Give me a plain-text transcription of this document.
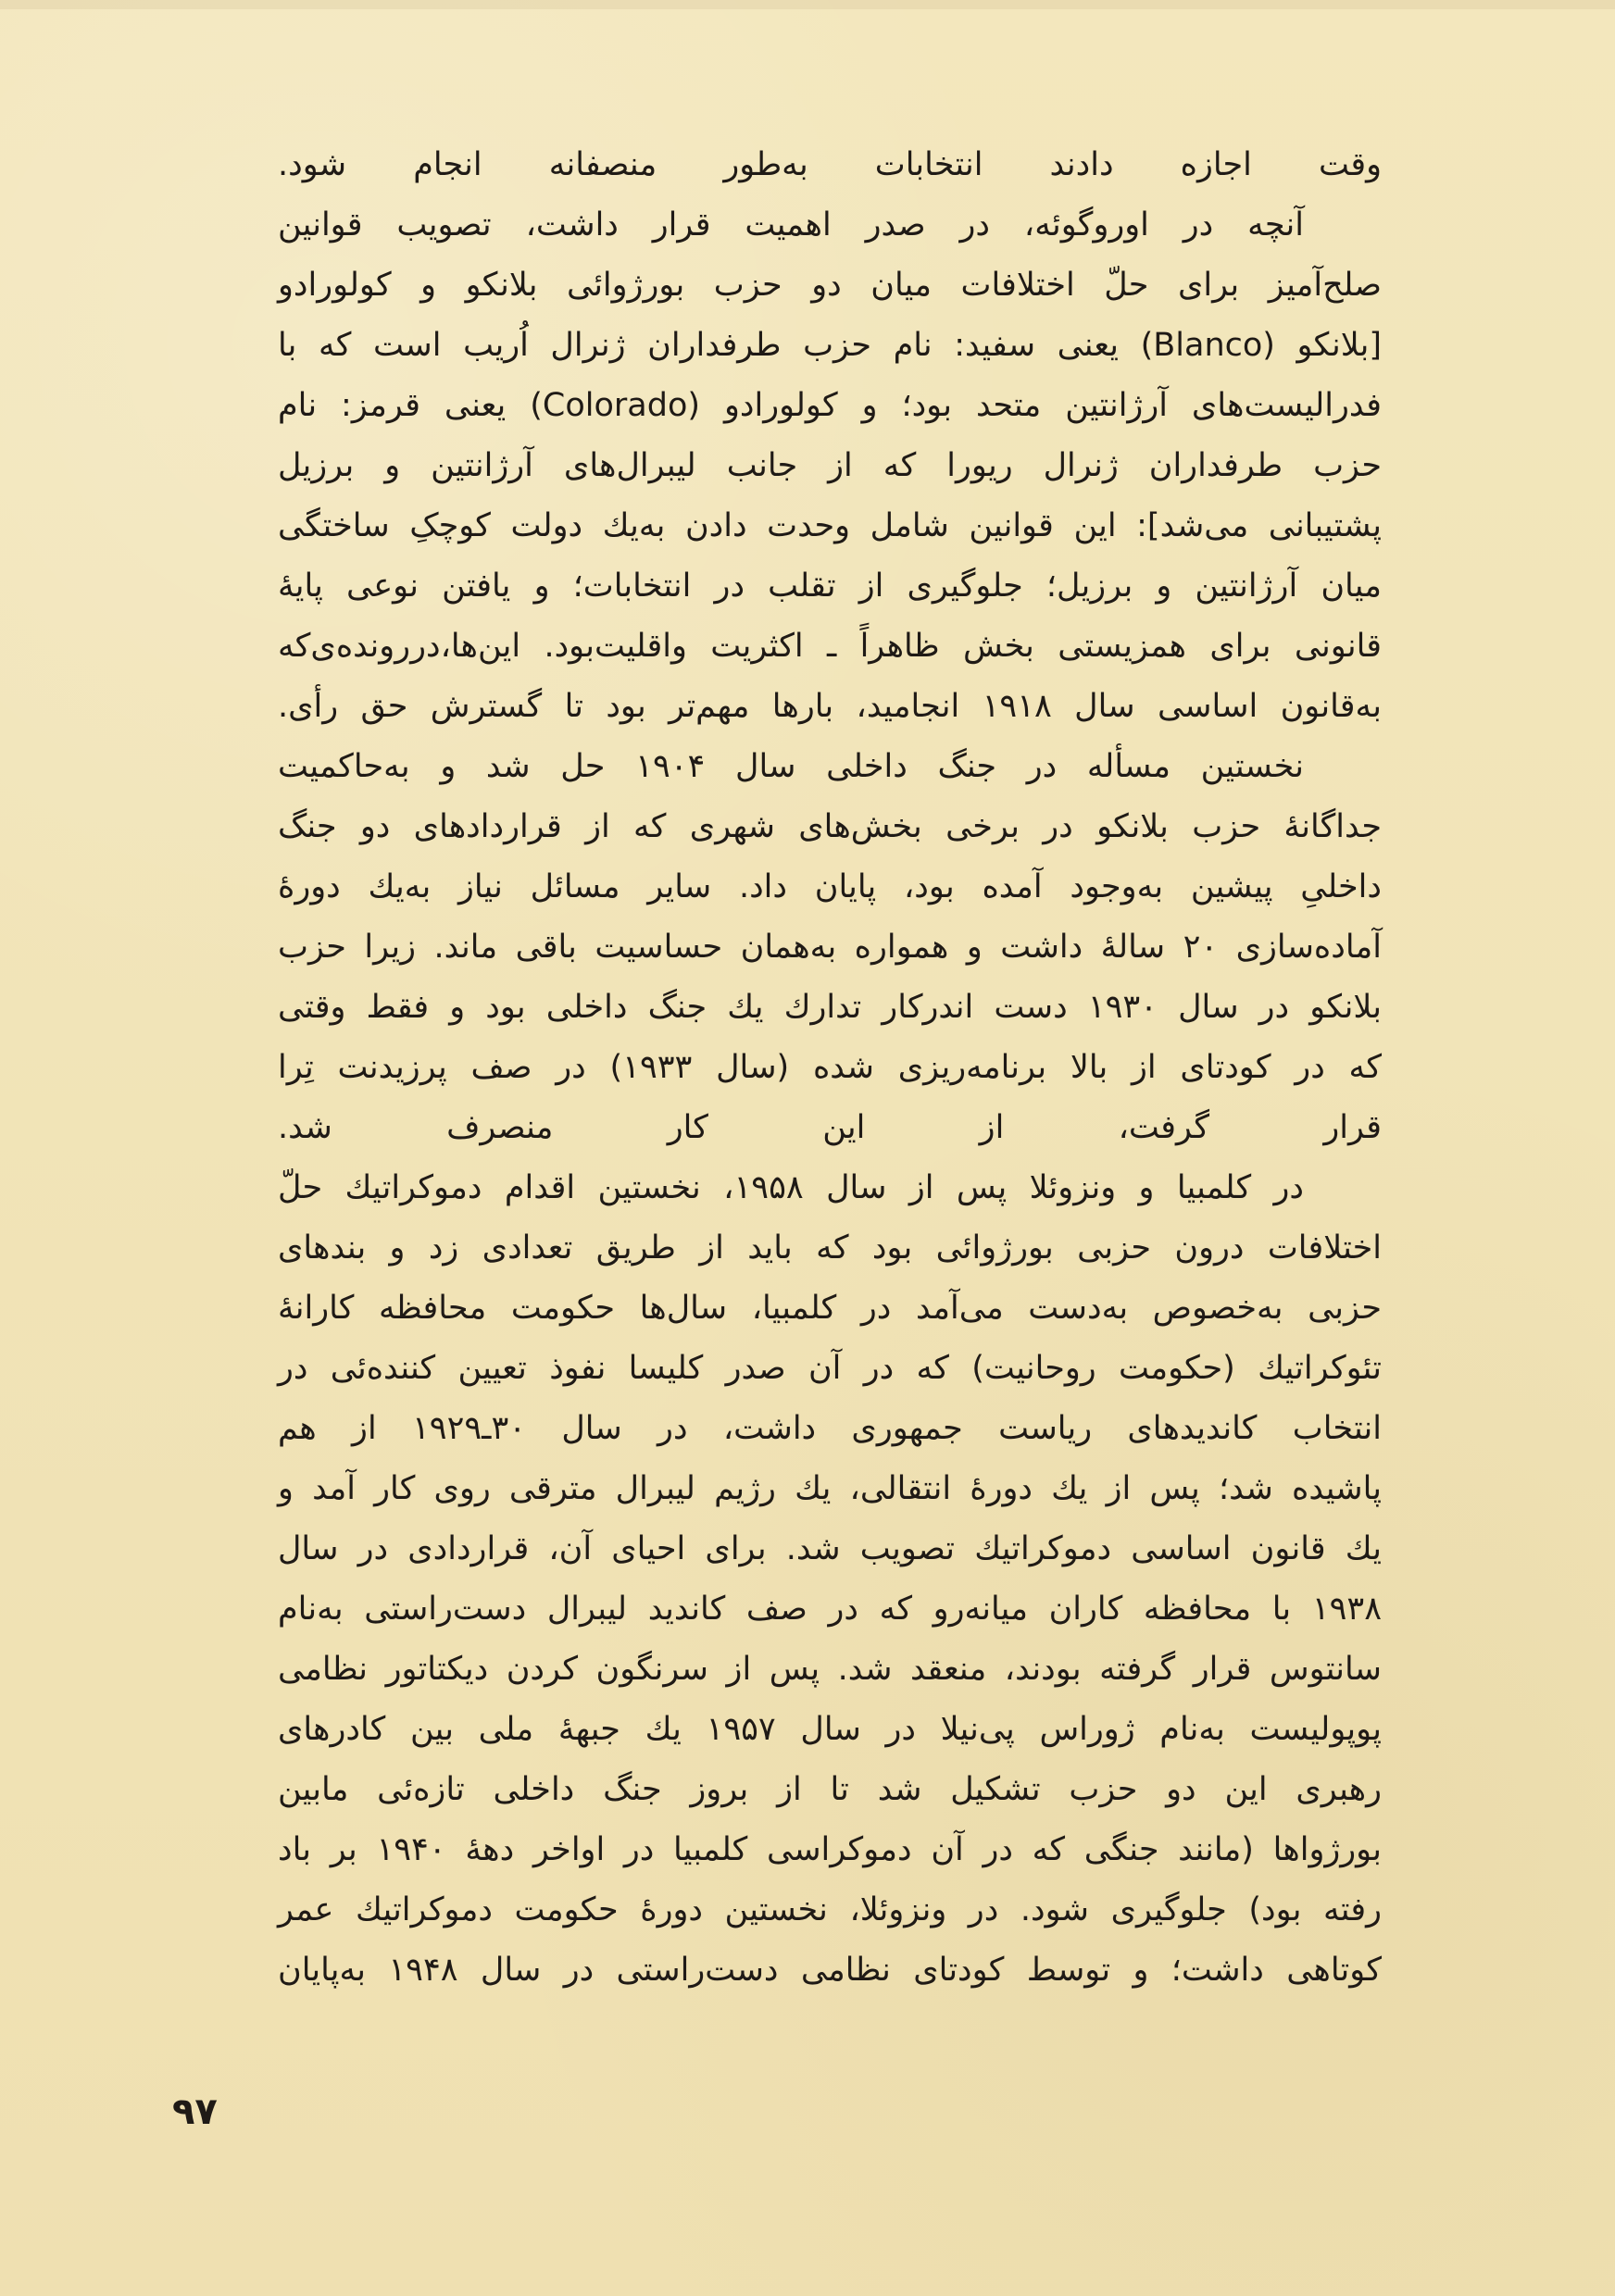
وقت اجازه دادند انتخابات به‌طور منصفانه انجام شود.
آنچه در اوروگوئه، در صدر اهمیت قرار داشت، تصویب قوانین
صلح‌آمیز برای حلّ اختلافات میان دو حزب بورژوائی بلانکو و کولورادو
[بلانکو (Blanco) یعنی سفید: نام حزب طرفداران ژنرال اُریب است که با
فدرالیست‌های آرژانتین متحد بود؛ و کولورادو (Colorado) یعنی قرمز: نام
حزب طرفداران ژنرال ریورا که از جانب لیبرال‌های آرژانتین و برزیل
پشتیبانی می‌شد]: این قوانین شامل وحدت دادن به‌یك دولت کوچکِ ساختگی
میان آرژانتین و برزیل؛ جلوگیری از تقلب در انتخابات؛ و یافتن نوعی پایهٔ
قانونی برای همزیستی بخش ظاهراً ـ اکثریت واقلیت‌بود. این‌ها،دررونده‌ی‌که
به‌قانون اساسی سال ۱۹۱۸ انجامید، بارها مهم‌تر بود تا گسترش حق رأی.
نخستین مسأله در جنگ داخلی سال ۱۹۰۴ حل شد و به‌حاکمیت
جداگانهٔ حزب بلانکو در برخی بخش‌های شهری که از قراردادهای دو جنگ
داخلیِ پیشین به‌وجود آمده بود، پایان داد. سایر مسائل نیاز به‌یك دورهٔ
آماده‌سازی ۲۰ سالهٔ داشت و همواره به‌همان حساسیت باقی ماند. زیرا حزب
بلانکو در سال ۱۹۳۰ دست اندرکار تدارك یك جنگ داخلی بود و فقط وقتی
که در کودتای از بالا برنامه‌ریزی شده (سال ۱۹۳۳) در صف پرزیدنت تِرا
قرار گرفت، از این کار منصرف شد.
در کلمبیا و ونزوئلا پس از سال ۱۹۵۸، نخستین اقدام دموکراتیك حلّ
اختلافات درون حزبی بورژوائی بود که باید از طریق تعدادی زد و بندهای
حزبی به‌خصوص به‌دست می‌آمد در کلمبیا، سال‌ها حکومت محافظه کارانهٔ
تئوکراتیك (حکومت روحانیت) که در آن صدر کلیسا نفوذ تعیین کننده‌ئی در
انتخاب کاندیدهای ریاست جمهوری داشت، در سال ۳۰ـ۱۹۲۹ از هم
پاشیده شد؛ پس از یك دورهٔ انتقالی، یك رژیم لیبرال مترقی روی کار آمد و
یك قانون اساسی دموکراتیك تصویب شد. برای احیای آن، قراردادی در سال
۱۹۳۸ با محافظه کاران میانه‌رو که در صف کاندید لیبرال دست‌راستی به‌نام
سانتوس قرار گرفته بودند، منعقد شد. پس از سرنگون کردن دیکتاتور نظامی
پوپولیست به‌نام ژوراس پی‌نیلا در سال ۱۹۵۷ یك جبههٔ ملی بین کادرهای
رهبری این دو حزب تشکیل شد تا از بروز جنگ داخلی تازه‌ئی مابین
بورژواها (مانند جنگی که در آن دموکراسی کلمبیا در اواخر دههٔ ۱۹۴۰ بر باد
رفته بود) جلوگیری شود. در ونزوئلا، نخستین دورهٔ حکومت دموکراتیك عمر
کوتاهی داشت؛ و توسط کودتای نظامی دست‌راستی در سال ۱۹۴۸ به‌پایان
۹۷
